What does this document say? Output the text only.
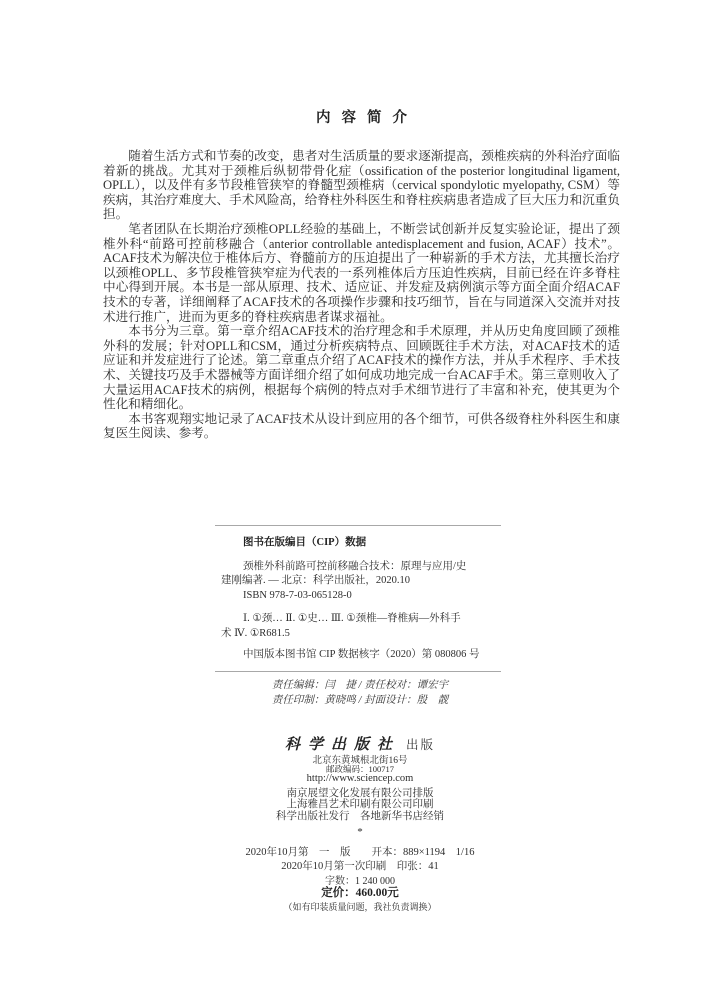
内容简介

随着生活方式和节奏的改变，患者对生活质量的要求逐渐提高，颈椎疾病的外科治疗面临着新的挑战。尤其对于颈椎后纵韧带骨化症（ossification of the posterior longitudinal ligament, OPLL），以及伴有多节段椎管狭窄的脊髓型颈椎病（cervical spondylotic myelopathy, CSM）等疾病，其治疗难度大、手术风险高，给脊柱外科医生和脊柱疾病患者造成了巨大压力和沉重负担。

笔者团队在长期治疗颈椎OPLL经验的基础上，不断尝试创新并反复实验论证，提出了颈椎外科“前路可控前移融合（anterior controllable antedisplacement and fusion, ACAF）技术”。ACAF技术为解决位于椎体后方、脊髓前方的压迫提出了一种崭新的手术方法，尤其擅长治疗以颈椎OPLL、多节段椎管狭窄症为代表的一系列椎体后方压迫性疾病，目前已经在许多脊柱中心得到开展。本书是一部从原理、技术、适应证、并发症及病例演示等方面全面介绍ACAF技术的专著，详细阐释了ACAF技术的各项操作步骤和技巧细节，旨在与同道深入交流并对技术进行推广，进而为更多的脊柱疾病患者谋求福祉。

本书分为三章。第一章介绍ACAF技术的治疗理念和手术原理，并从历史角度回顾了颈椎外科的发展；针对OPLL和CSM，通过分析疾病特点、回顾既往手术方法，对ACAF技术的适应证和并发症进行了论述。第二章重点介绍了ACAF技术的操作方法，并从手术程序、手术技术、关键技巧及手术器械等方面详细介绍了如何成功地完成一台ACAF手术。第三章则收入了大量运用ACAF技术的病例，根据每个病例的特点对手术细节进行了丰富和补充，使其更为个性化和精细化。

本书客观翔实地记录了ACAF技术从设计到应用的各个细节，可供各级脊柱外科医生和康复医生阅读、参考。

图书在版编目（CIP）数据

颈椎外科前路可控前移融合技术：原理与应用/史

建刚编著. — 北京：科学出版社，2020.10

ISBN 978-7-03-065128-0

Ⅰ. ①颈… Ⅱ. ①史… Ⅲ. ①颈椎—脊椎病—外科手

术 Ⅳ. ①R681.5

中国版本图书馆 CIP 数据核字（2020）第 080806 号

责任编辑：闫　捷 / 责任校对：谭宏宇

责任印制：黄晓鸣 / 封面设计：殷　靓

科学出版社 出版

北京东黄城根北街16号

邮政编码：100717

http://www.sciencep.com

南京展望文化发展有限公司排版

上海雅昌艺术印刷有限公司印刷

科学出版社发行　各地新华书店经销

*

2020年10月第　一　版　　开本：889×1194　1/16

2020年10月第一次印刷　印张：41

字数：1 240 000

定价：460.00元

（如有印装质量问题，我社负责调换）
